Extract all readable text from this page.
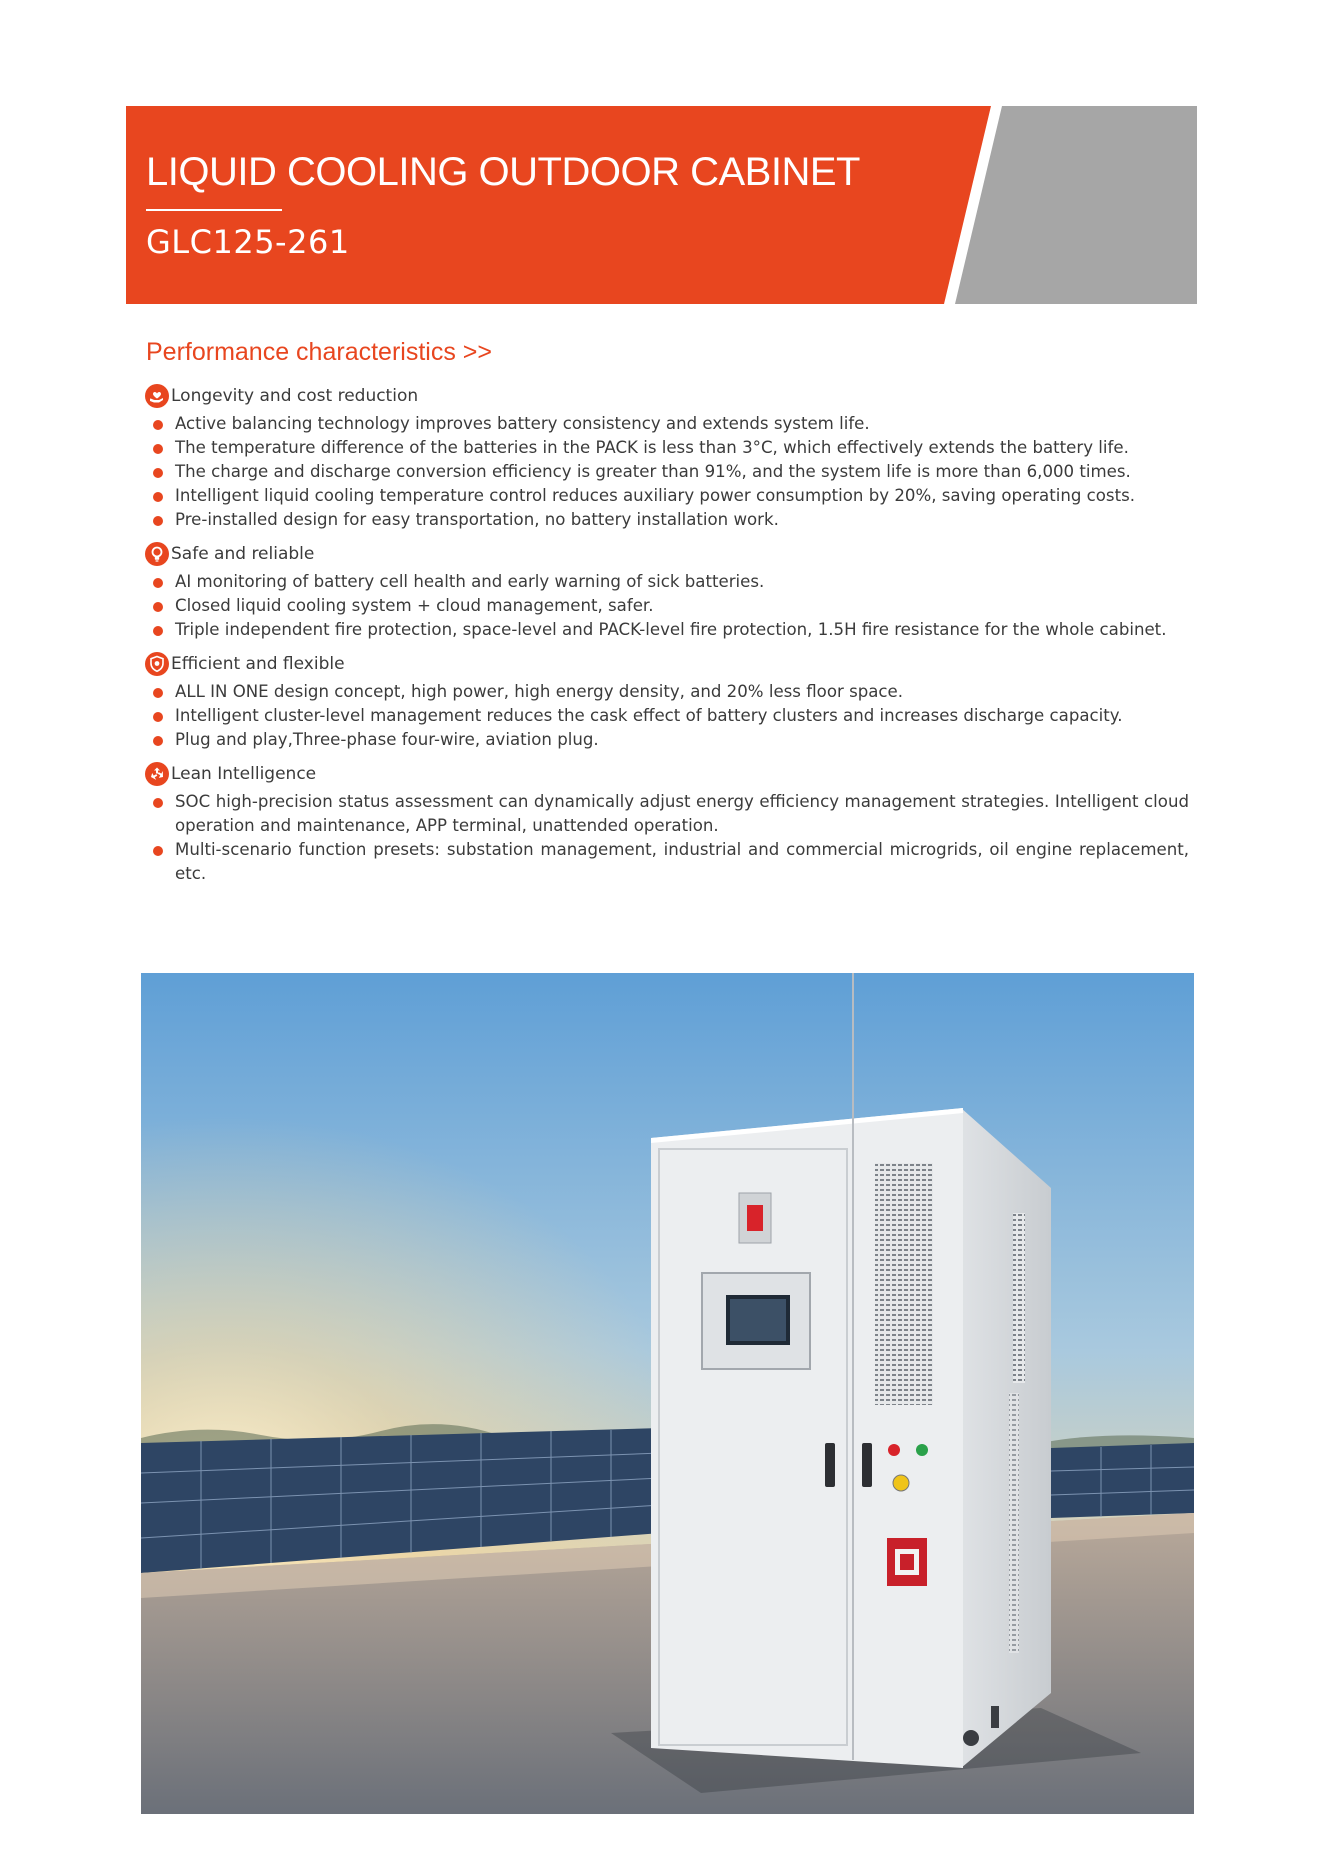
LIQUID COOLING OUTDOOR CABINET
GLC125-261
Performance characteristics >>
Longevity and cost reduction
Active balancing technology improves battery consistency and extends system life.
The temperature difference of the batteries in the PACK is less than 3°C, which effectively extends the battery life.
The charge and discharge conversion efficiency is greater than 91%, and the system life is more than 6,000 times.
Intelligent liquid cooling temperature control reduces auxiliary power consumption by 20%, saving operating costs.
Pre-installed design for easy transportation, no battery installation work.
Safe and reliable
AI monitoring of battery cell health and early warning of sick batteries.
Closed liquid cooling system + cloud management, safer.
Triple independent fire protection, space-level and PACK-level fire protection, 1.5H fire resistance for the whole cabinet.
Efficient and flexible
ALL IN ONE design concept, high power, high energy density, and 20% less floor space.
Intelligent cluster-level management reduces the cask effect of battery clusters and increases discharge capacity.
Plug and play,Three-phase four-wire, aviation plug.
Lean Intelligence
SOC high-precision status assessment can dynamically adjust energy efficiency management strategies. Intelligent cloud operation and maintenance, APP terminal, unattended operation.
Multi-scenario function presets: substation management, industrial and commercial microgrids, oil engine replacement, etc.
